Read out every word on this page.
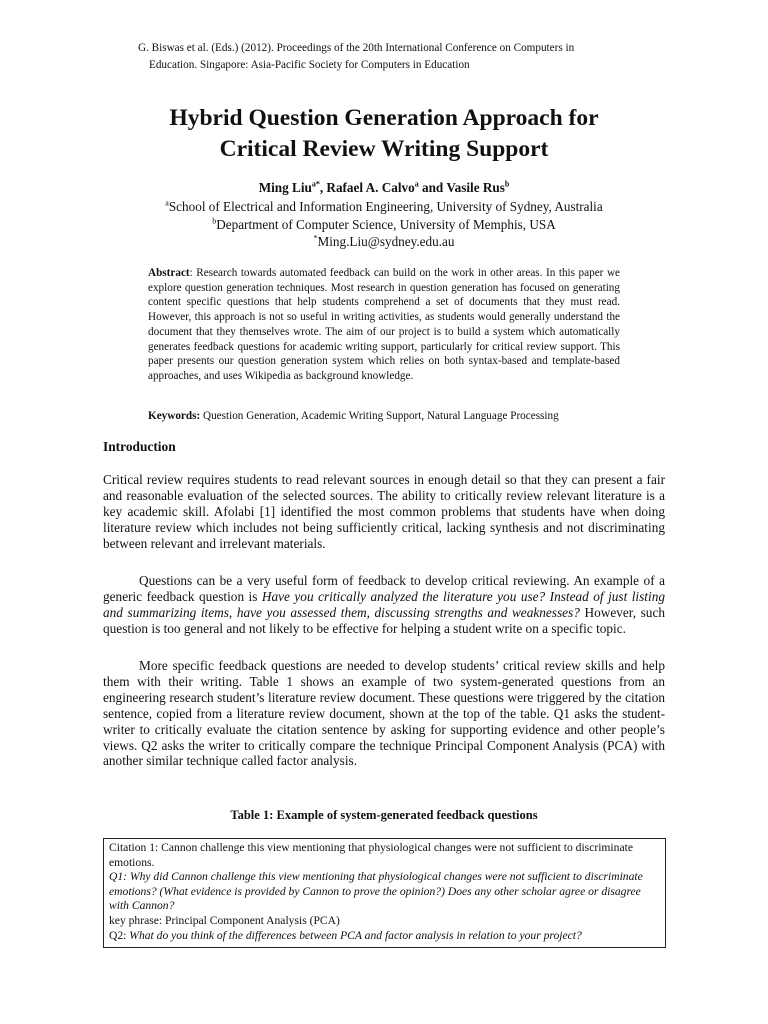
G. Biswas et al. (Eds.) (2012). Proceedings of the 20th International Conference on Computers in
Education. Singapore: Asia-Pacific Society for Computers in Education
Hybrid Question Generation Approach for
Critical Review Writing Support
Ming Liu$^{a*}$, Rafael A. Calvo$^a$ and Vasile Rus$^b$
$^a$School of Electrical and Information Engineering, University of Sydney, Australia
$^b$Department of Computer Science, University of Memphis, USA
*Ming.Liu@sydney.edu.au
Abstract: Research towards automated feedback can build on the work in other areas. In this paper we explore question generation techniques. Most research in question generation has focused on generating content specific questions that help students comprehend a set of documents that they must read. However, this approach is not so useful in writing activities, as students would generally understand the document that they themselves wrote. The aim of our project is to build a system which automatically generates feedback questions for academic writing support, particularly for critical review support. This paper presents our question generation system which relies on both syntax-based and template-based approaches, and uses Wikipedia as background knowledge.
Keywords: Question Generation, Academic Writing Support, Natural Language Processing
Introduction
Critical review requires students to read relevant sources in enough detail so that they can present a fair and reasonable evaluation of the selected sources. The ability to critically review relevant literature is a key academic skill. Afolabi [1] identified the most common problems that students have when doing literature review which includes not being sufficiently critical, lacking synthesis and not discriminating between relevant and irrelevant materials.
Questions can be a very useful form of feedback to develop critical reviewing. An example of a generic feedback question is Have you critically analyzed the literature you use? Instead of just listing and summarizing items, have you assessed them, discussing strengths and weaknesses? However, such question is too general and not likely to be effective for helping a student write on a specific topic.
More specific feedback questions are needed to develop students’ critical review skills and help them with their writing. Table 1 shows an example of two system-generated questions from an engineering research student’s literature review document. These questions were triggered by the citation sentence, copied from a literature review document, shown at the top of the table. Q1 asks the student-writer to critically evaluate the citation sentence by asking for supporting evidence and other people’s views. Q2 asks the writer to critically compare the technique Principal Component Analysis (PCA) with another similar technique called factor analysis.
Table 1: Example of system-generated feedback questions
Citation 1: Cannon challenge this view mentioning that physiological changes were not sufficient to discriminate emotions.
Q1: Why did Cannon challenge this view mentioning that physiological changes were not sufficient to discriminate emotions? (What evidence is provided by Cannon to prove the opinion?) Does any other scholar agree or disagree with Cannon?
key phrase: Principal Component Analysis (PCA)
Q2: What do you think of the differences between PCA and factor analysis in relation to your project?
